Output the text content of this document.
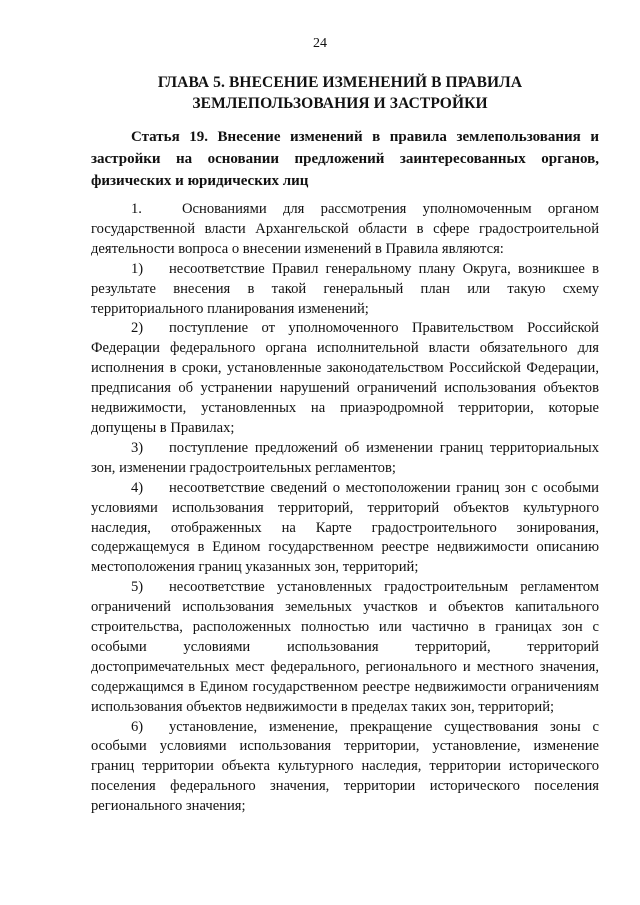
24
ГЛАВА 5. ВНЕСЕНИЕ ИЗМЕНЕНИЙ В ПРАВИЛА
ЗЕМЛЕПОЛЬЗОВАНИЯ И ЗАСТРОЙКИ
Статья 19. Внесение изменений в правила землепользования и застройки на основании предложений заинтересованных органов, физических и юридических лиц

1.	Основаниями для рассмотрения уполномоченным органом государственной власти Архангельской области в сфере градостроительной деятельности вопроса о внесении изменений в Правила являются:

1) несоответствие Правил генеральному плану Округа, возникшее в результате внесения в такой генеральный план или такую схему территориального планирования изменений;

2) поступление от уполномоченного Правительством Российской Федерации федерального органа исполнительной власти обязательного для исполнения в сроки, установленные законодательством Российской Федерации, предписания об устранении нарушений ограничений использования объектов недвижимости, установленных на приаэродромной территории, которые допущены в Правилах;

3) поступление предложений об изменении границ территориальных зон, изменении градостроительных регламентов;

4) несоответствие сведений о местоположении границ зон с особыми условиями использования территорий, территорий объектов культурного наследия, отображенных на Карте градостроительного зонирования, содержащемуся в Едином государственном реестре недвижимости описанию местоположения границ указанных зон, территорий;

5) несоответствие установленных градостроительным регламентом ограничений использования земельных участков и объектов капитального строительства, расположенных полностью или частично в границах зон с особыми условиями использования территорий, территорий достопримечательных мест федерального, регионального и местного значения, содержащимся в Едином государственном реестре недвижимости ограничениям использования объектов недвижимости в пределах таких зон, территорий;

6) установление, изменение, прекращение существования зоны с особыми условиями использования территории, установление, изменение границ территории объекта культурного наследия, территории исторического поселения федерального значения, территории исторического поселения регионального значения;
